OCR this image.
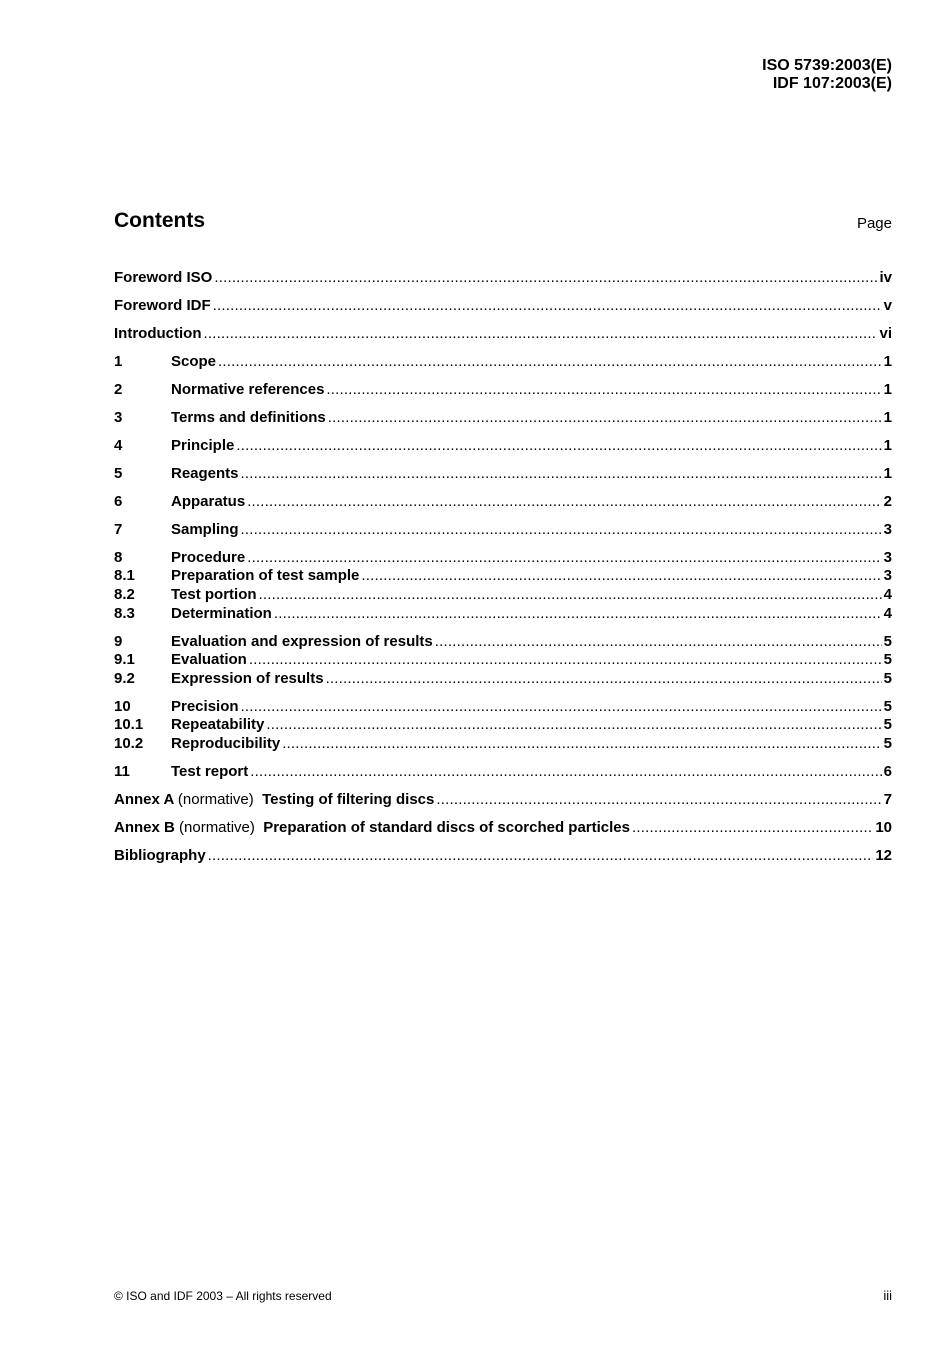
ISO 5739:2003(E)
IDF 107:2003(E)
Contents	Page
Foreword ISO .....	iv
Foreword IDF .....	v
Introduction .....	vi
1	Scope .....	1
2	Normative references .....	1
3	Terms and definitions .....	1
4	Principle .....	1
5	Reagents .....	1
6	Apparatus .....	2
7	Sampling .....	3
8	Procedure .....	3
8.1	Preparation of test sample .....	3
8.2	Test portion .....	4
8.3	Determination .....	4
9	Evaluation and expression of results .....	5
9.1	Evaluation .....	5
9.2	Expression of results .....	5
10	Precision .....	5
10.1	Repeatability .....	5
10.2	Reproducibility .....	5
11	Test report .....	6
Annex A (normative) Testing of filtering discs .....	7
Annex B (normative) Preparation of standard discs of scorched particles .....	10
Bibliography .....	12
© ISO and IDF 2003 – All rights reserved	iii
